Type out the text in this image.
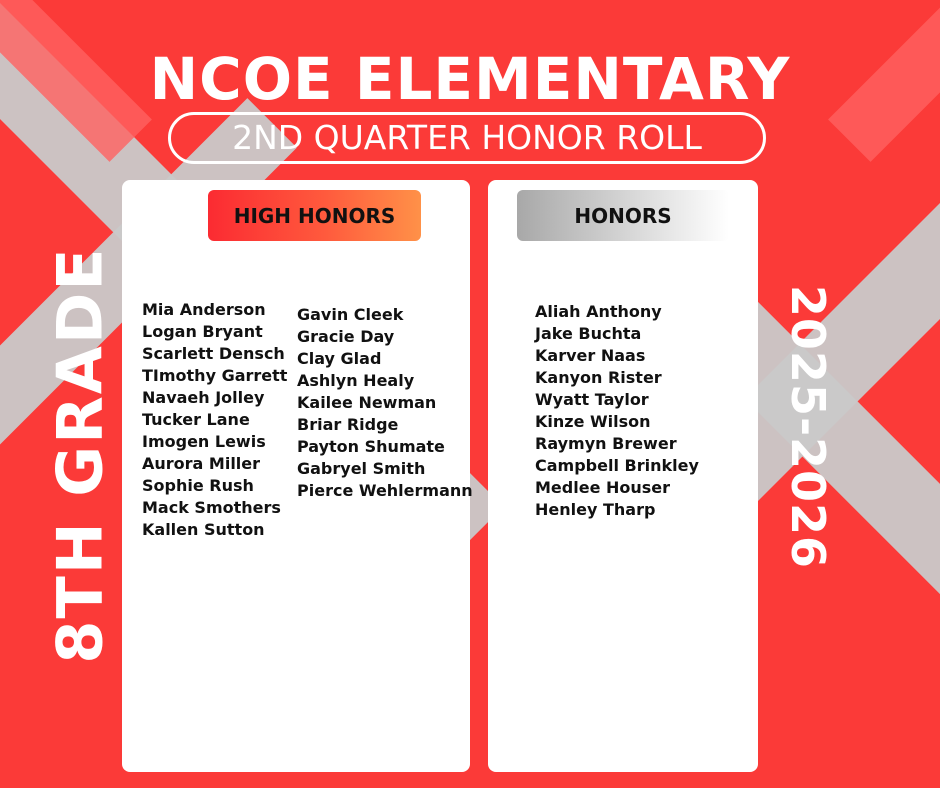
NCOE ELEMENTARY
2ND QUARTER HONOR ROLL
8TH GRADE	2025-2026
HIGH HONORS	HONORS
Mia Anderson
Logan Bryant
Scarlett Densch
TImothy Garrett
Navaeh Jolley
Tucker Lane
Imogen Lewis
Aurora Miller
Sophie Rush
Mack Smothers
Kallen Sutton
Gavin Cleek
Gracie Day
Clay Glad
Ashlyn Healy
Kailee Newman
Briar Ridge
Payton Shumate
Gabryel Smith
Pierce Wehlermann
Aliah Anthony
Jake Buchta
Karver Naas
Kanyon Rister
Wyatt Taylor
Kinze Wilson
Raymyn Brewer
Campbell Brinkley
Medlee Houser
Henley Tharp
